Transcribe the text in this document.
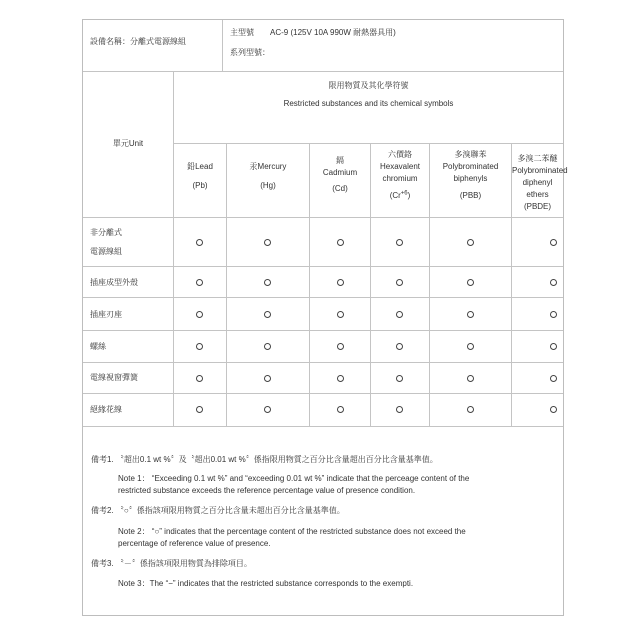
設備名稱：分離式電源線組
主型號 AC-9 (125V 10A 990W 耐熱器具用)
系列型號：
限用物質及其化學符號
Restricted substances and its chemical symbols
單元Unit
鉛Lead
(Pb)
汞Mercury
(Hg)
鎘
Cadmium
(Cd)
六價鉻
Hexavalent
chromium
$(Cr^{+6})$
多溴聯苯
Polybrominated
biphenyls
(PBB)
多溴二苯醚
Polybrominated
diphenyl ethers
(PBDE)
非分離式
電源線組
插座成型外殼
插座刃座
螺絲
電線視窗彈簧
絕緣花線
備考1. 〝超出0.1 wt %〞及〝超出0.01 wt %〞係指限用物質之百分比含量超出百分比含量基準值。
Note 1： “Exceeding 0.1 wt %” and “exceeding 0.01 wt %” indicate that the perceage content of the
restricted substance exceeds the reference percentage value of presence condition.
備考2. 〝○〞係指該項限用物質之百分比含量未超出百分比含量基準值。
Note 2： “○” indicates that the percentage content of the restricted substance does not exceed the
percentage of reference value of presence.
備考3. 〝－〞係指該項限用物質為排除項目。
Note 3：The “−” indicates that the restricted substance corresponds to the exempti.
